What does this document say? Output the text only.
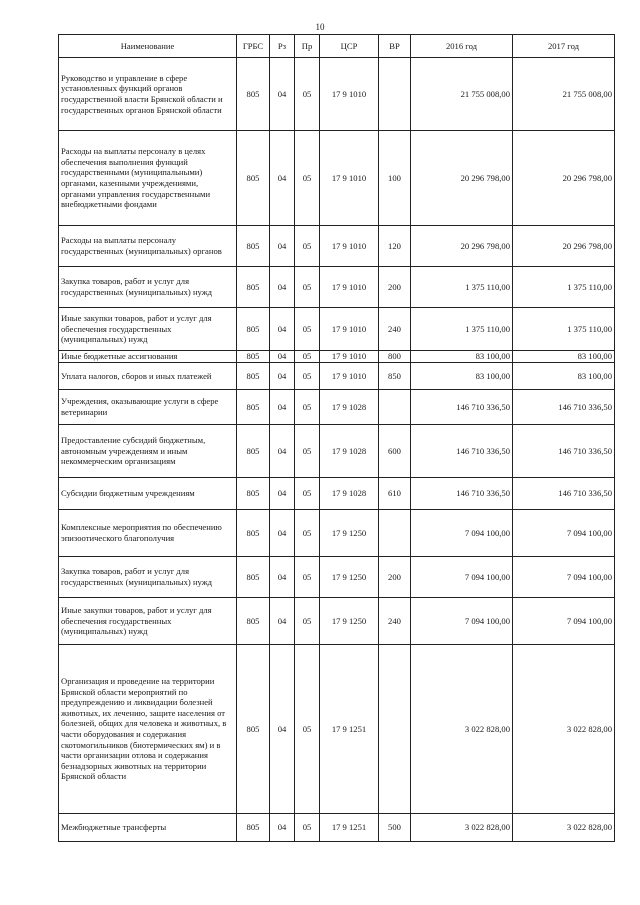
10
Наименование	ГРБС	Рз	Пр	ЦСР	ВР	2016 год	2017 год
Руководство и управление в сфере установленных функций органов государственной власти Брянской области и государственных органов Брянской области	805	04	05	17 9 1010		21 755 008,00	21 755 008,00
Расходы на выплаты персоналу в целях обеспечения выполнения функций государственными (муниципальными) органами, казенными учреждениями, органами управления государственными внебюджетными фондами	805	04	05	17 9 1010	100	20 296 798,00	20 296 798,00
Расходы на выплаты персоналу государственных (муниципальных) органов	805	04	05	17 9 1010	120	20 296 798,00	20 296 798,00
Закупка товаров, работ и услуг для государственных (муниципальных) нужд	805	04	05	17 9 1010	200	1 375 110,00	1 375 110,00
Иные закупки товаров, работ и услуг для обеспечения государственных (муниципальных) нужд	805	04	05	17 9 1010	240	1 375 110,00	1 375 110,00
Иные бюджетные ассигнования	805	04	05	17 9 1010	800	83 100,00	83 100,00
Уплата налогов, сборов и иных платежей	805	04	05	17 9 1010	850	83 100,00	83 100,00
Учреждения, оказывающие услуги в сфере ветеринарии	805	04	05	17 9 1028		146 710 336,50	146 710 336,50
Предоставление субсидий бюджетным, автономным учреждениям и иным некоммерческим организациям	805	04	05	17 9 1028	600	146 710 336,50	146 710 336,50
Субсидии бюджетным учреждениям	805	04	05	17 9 1028	610	146 710 336,50	146 710 336,50
Комплексные мероприятия по обеспечению эпизоотического благополучия	805	04	05	17 9 1250		7 094 100,00	7 094 100,00
Закупка товаров, работ и услуг для государственных (муниципальных) нужд	805	04	05	17 9 1250	200	7 094 100,00	7 094 100,00
Иные закупки товаров, работ и услуг для обеспечения государственных (муниципальных) нужд	805	04	05	17 9 1250	240	7 094 100,00	7 094 100,00
Организация и проведение на территории Брянской области мероприятий по предупреждению и ликвидации болезней животных, их лечению, защите населения от болезней, общих для человека и животных, в части оборудования и содержания скотомогильников (биотермических ям) и в части организации отлова и содержания безнадзорных животных на территории Брянской области	805	04	05	17 9 1251		3 022 828,00	3 022 828,00
Межбюджетные трансферты	805	04	05	17 9 1251	500	3 022 828,00	3 022 828,00
